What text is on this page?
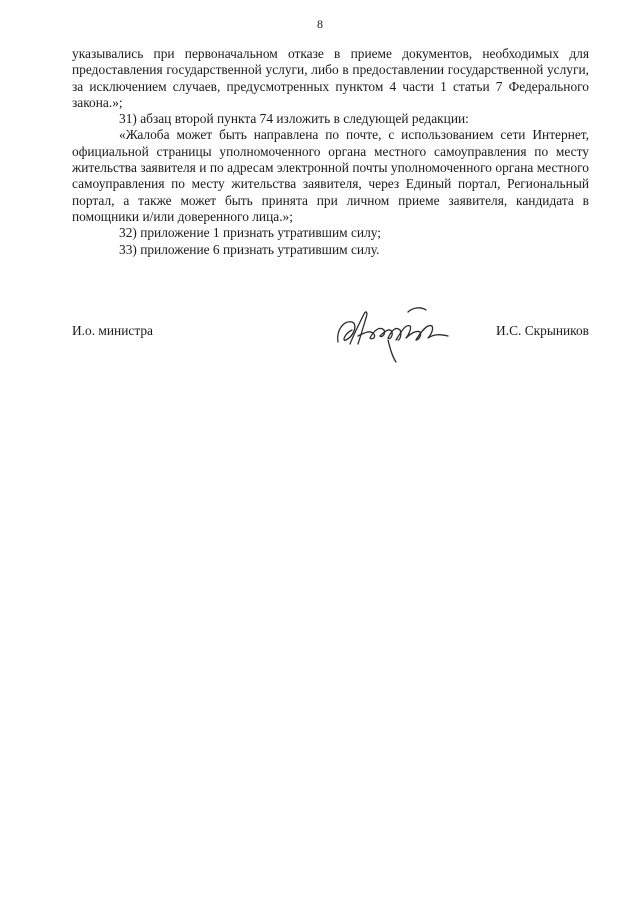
8

указывались при первоначальном отказе в приеме документов, необходимых для предоставления государственной услуги, либо в предоставлении государственной услуги, за исключением случаев, предусмотренных пунктом 4 части 1 статьи 7 Федерального закона.»;

31) абзац второй пункта 74 изложить в следующей редакции:

«Жалоба может быть направлена по почте, с использованием сети Интернет, официальной страницы уполномоченного органа местного самоуправления по месту жительства заявителя и по адресам электронной почты уполномоченного органа местного самоуправления по месту жительства заявителя, через Единый портал, Региональный портал, а также может быть принята при личном приеме заявителя, кандидата в помощники и/или доверенного лица.»;

32) приложение 1 признать утратившим силу;

33) приложение 6 признать утратившим силу.

И.о. министра	И.С. Скрыников
